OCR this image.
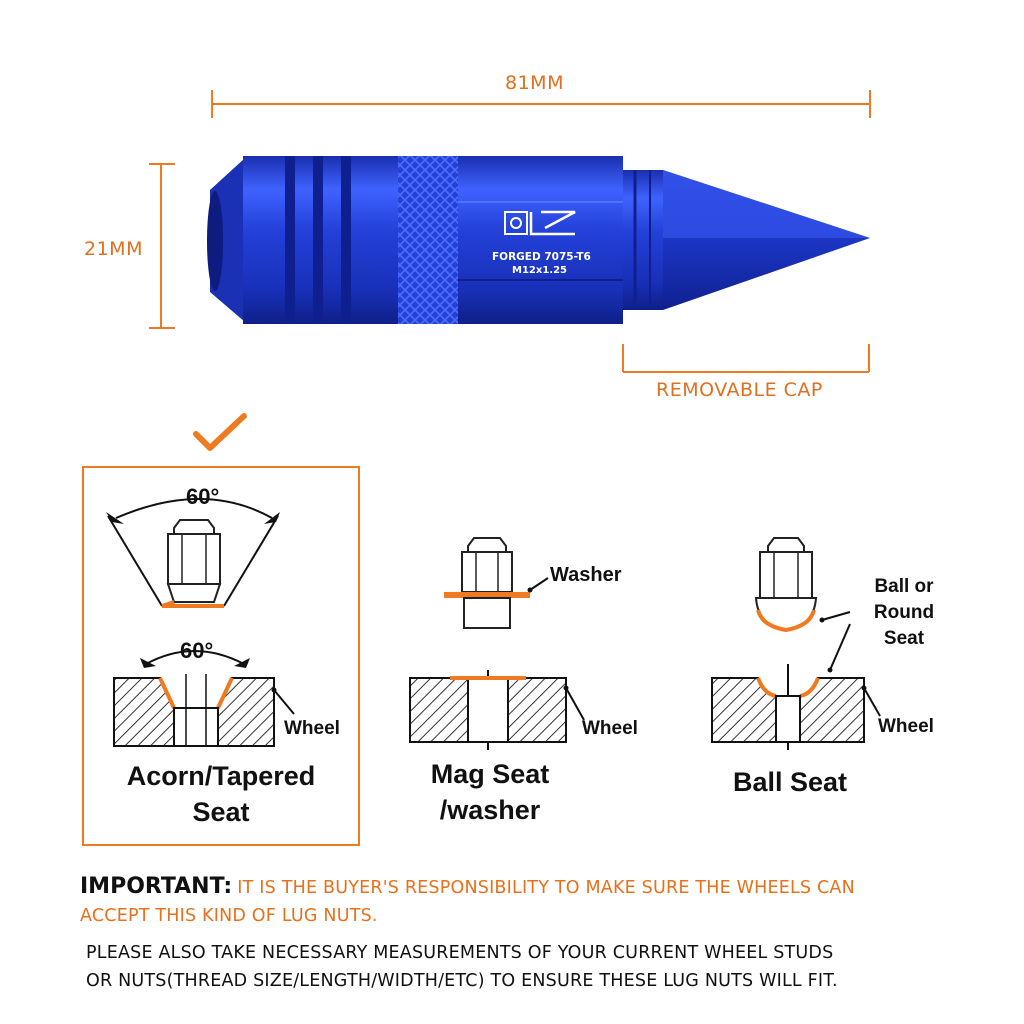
81MM
21MM	FORGED 7075-T6
M12x1.25
REMOVABLE CAP
60°
60°
Wheel
Acorn/Tapered
Seat
Washer
Wheel
Mag Seat
/washer
Ball or
Round
Seat
Wheel
Ball Seat
IMPORTANT: IT IS THE BUYER'S RESPONSIBILITY TO MAKE SURE THE WHEELS CAN
ACCEPT THIS KIND OF LUG NUTS.
PLEASE ALSO TAKE NECESSARY MEASUREMENTS OF YOUR CURRENT WHEEL STUDS
OR NUTS(THREAD SIZE/LENGTH/WIDTH/ETC) TO ENSURE THESE LUG NUTS WILL FIT.
